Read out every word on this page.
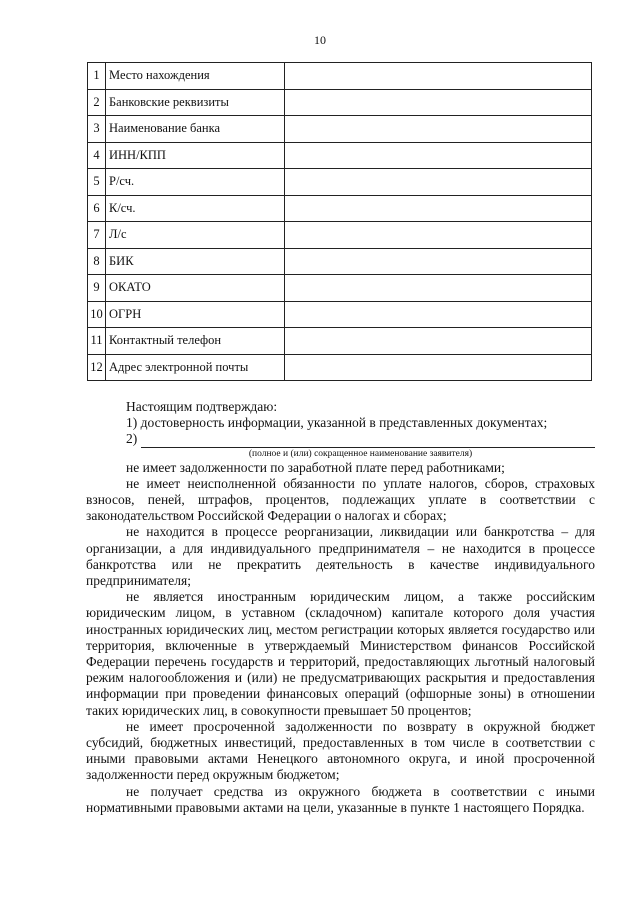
10
1	Место нахождения	
2	Банковские реквизиты	
3	Наименование банка	
4	ИНН/КПП	
5	Р/сч.	
6	К/сч.	
7	Л/с	
8	БИК	
9	ОКАТО	
10	ОГРН	
11	Контактный телефон	
12	Адрес электронной почты	

Настоящим подтверждаю:

1) достоверность информации, указанной в представленных документах;

2)
(полное и (или) сокращенное наименование заявителя)

не имеет задолженности по заработной плате перед работниками;

не имеет неисполненной обязанности по уплате налогов, сборов, страховых взносов, пеней, штрафов, процентов, подлежащих уплате в соответствии с законодательством Российской Федерации о налогах и сборах;

не находится в процессе реорганизации, ликвидации или банкротства – для организации, а для индивидуального предпринимателя – не находится в процессе банкротства или не прекратить деятельность в качестве индивидуального предпринимателя;

не является иностранным юридическим лицом, а также российским юридическим лицом, в уставном (складочном) капитале которого доля участия иностранных юридических лиц, местом регистрации которых является государство или территория, включенные в утверждаемый Министерством финансов Российской Федерации перечень государств и территорий, предоставляющих льготный налоговый режим налогообложения и (или) не предусматривающих раскрытия и предоставления информации при проведении финансовых операций (офшорные зоны) в отношении таких юридических лиц, в совокупности превышает 50 процентов;

не имеет просроченной задолженности по возврату в окружной бюджет субсидий, бюджетных инвестиций, предоставленных в том числе в соответствии с иными правовыми актами Ненецкого автономного округа, и иной просроченной задолженности перед окружным бюджетом;

не получает средства из окружного бюджета в соответствии с иными нормативными правовыми актами на цели, указанные в пункте 1 настоящего Порядка.
